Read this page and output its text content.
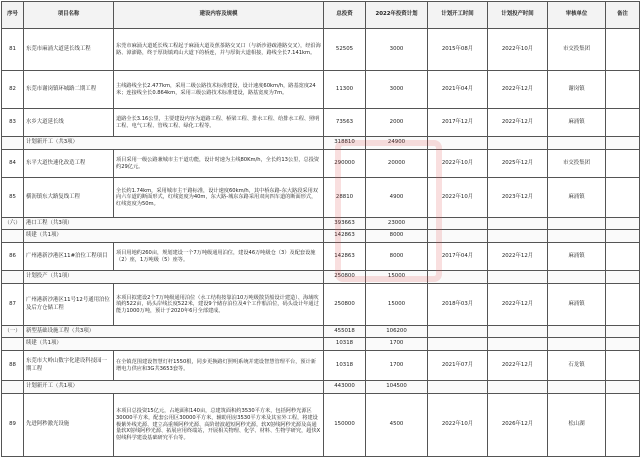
序号	项目名称	建设内容及规模	总投资	2022年投资计划	计划开工时间	计划投产时间	审核单位	备注
81	东莞市麻涌大道延长线工程	东莞市麻涌大道延长线工程起于麻涌大道及蕉茶路交叉口（与新沙港疏港路交叉），经沿海路、漳澎路，终于厚街镇鸡山大道下的桥连，并与厚街大道相接，路线全长7.141km。	52505	3000	2015年08月	2022年10月	市交投集团	
82	东莞市谢岗镇环城路二期工程	主线路线全长2.477km，采用二级公路技术标准建设，设计速度60km/h，路基宽度24米；连接线全长0.864km，采用三级公路技术标准建设，路基宽度为7m。	11300	3000	2021年04月	2022年12月	谢岗镇	
83	水乡大道延长线	道路全长3.16公里，主要建设内容为道路工程、桥梁工程、排水工程、给排水工程、照明工程、电气工程、管线工程、绿化工程等。	73563	2000	2017年12月	2022年12月	麻涌镇	
	计划新开工（共3项）		318810	24900				
84	东平大道快速化改造工程	项目采用一级公路兼城市主干道功能，设计时速为主线80Km/h，全长约13公里，总投资约29亿元。	290000	20000	2022年10月	2025年12月	市交投集团	
85	横沥镇东大路复线工程	全长约1.74km，采用城市主干路标准，设计速度60km/h，其中桥东路-东大路段采用双向六车道的断面形式，红线宽度为40m，东大路-城东东路采用双向四车道的断面形式，红线宽度为50m。	28810	4900	2022年10月	2023年12月	麻涌镇	
（六）	港口工程（共3项）		393663	23000				
	续建（共1项）		142863	8000				
86	广州港新沙港区11#泊位工程项目	项目用地约260亩，规划建设一个7万吨级通用泊位，建设46万吨级仓（3）及配套设施（2）座，1万吨级（5）座等。	142863	8000	2017年04月	2022年12月	麻涌镇	
	计划投产（共1项）		250800	15000				
87	广州港新沙港区11号12号通用泊位及后方仓储工程	本项目拟建设2个7万吨级通用泊位（水工结构按靠泊10万吨级散货船设计建造）、海域吹填约522亩，码头岸线长度522米，建设9个储存泊位及4个工作船泊位，码头设计年通过能力1000万吨，预计于2020年6月全部建成。	250800	15000	2018年03月	2022年12月	麻涌镇	
（一）	新型基础设施工程（共3项）		455018	106200				
	续建（共1项）		10318	1700				
88	东莞市大岭山数字化建设科技园一期工程	在全镇范围建设智慧灯杆1550根，同步更换路灯照明系统并建设智慧管理平台，预计新增电力供应和3G共3653套等。	10318	1700	2021年07月	2022年12月	石龙镇	
	计划新开工（共1项）		443000	104500				
89	先进阿秒激光设施	本项目总投资15亿元，占地面积140亩，总建筑面积约3530平方米，包括阿秒光源区30000平方米，配套公用区30000平方米，辅助用房3530平方米及其室外工程，将建设极紫外线光源、建立高重频阿秒光源、高阶谐波超短阿秒光源，软X射线阿秒光源及高通量软X射线阿秒光源、拓展应用终端站，开展相关物理、化学、材料、生物学研究，超快X射线科学建设基础研究平台等。	150000	4500	2022年10月	2026年12月	松山湖	
